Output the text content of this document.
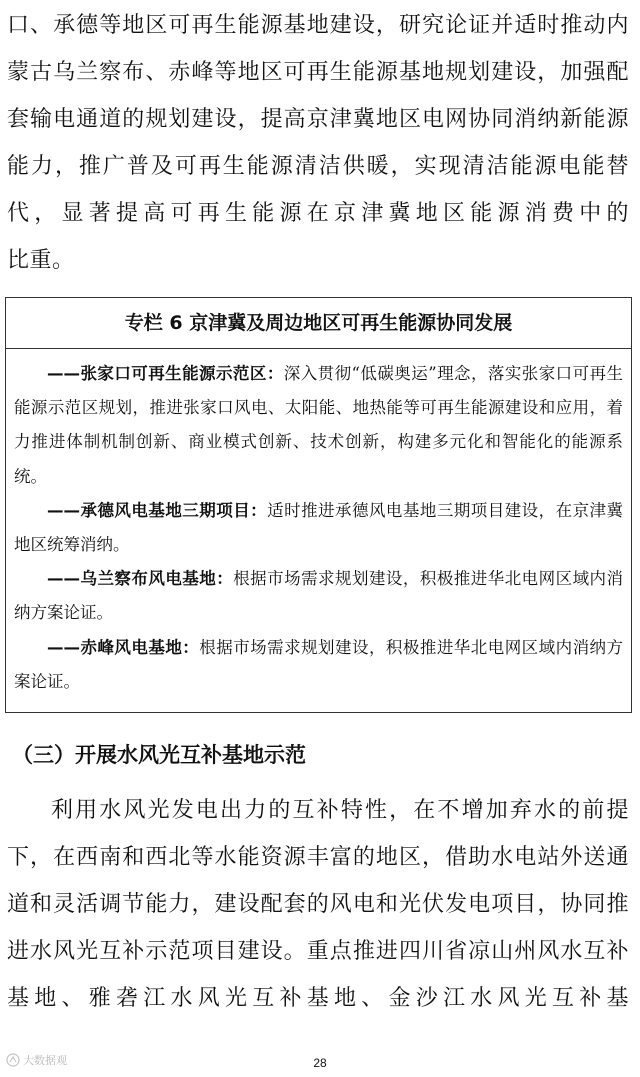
口、承德等地区可再生能源基地建设，研究论证并适时推动内蒙古乌兰察布、赤峰等地区可再生能源基地规划建设，加强配套输电通道的规划建设，提高京津冀地区电网协同消纳新能源能力，推广普及可再生能源清洁供暖，实现清洁能源电能替代，显著提高可再生能源在京津冀地区能源消费中的
比重。
专栏 6 京津冀及周边地区可再生能源协同发展

——张家口可再生能源示范区：深入贯彻“低碳奥运”理念，落实张家口可再生能源示范区规划，推进张家口风电、太阳能、地热能等可再生能源建设和应用，着力推进体制机制创新、商业模式创新、技术创新，构建多元化和智能化的能源系统。

——承德风电基地三期项目：适时推进承德风电基地三期项目建设，在京津冀地区统筹消纳。

——乌兰察布风电基地：根据市场需求规划建设，积极推进华北电网区域内消纳方案论证。

——赤峰风电基地：根据市场需求规划建设，积极推进华北电网区域内消纳方案论证。

（三）开展水风光互补基地示范

利用水风光发电出力的互补特性，在不增加弃水的前提下，在西南和西北等水能资源丰富的地区，借助水电站外送通道和灵活调节能力，建设配套的风电和光伏发电项目，协同推进水风光互补示范项目建设。重点推进四川省凉山州风水互补基地、雅砻江水风光互补基地、金沙江水风光互补基

大数据观	28
